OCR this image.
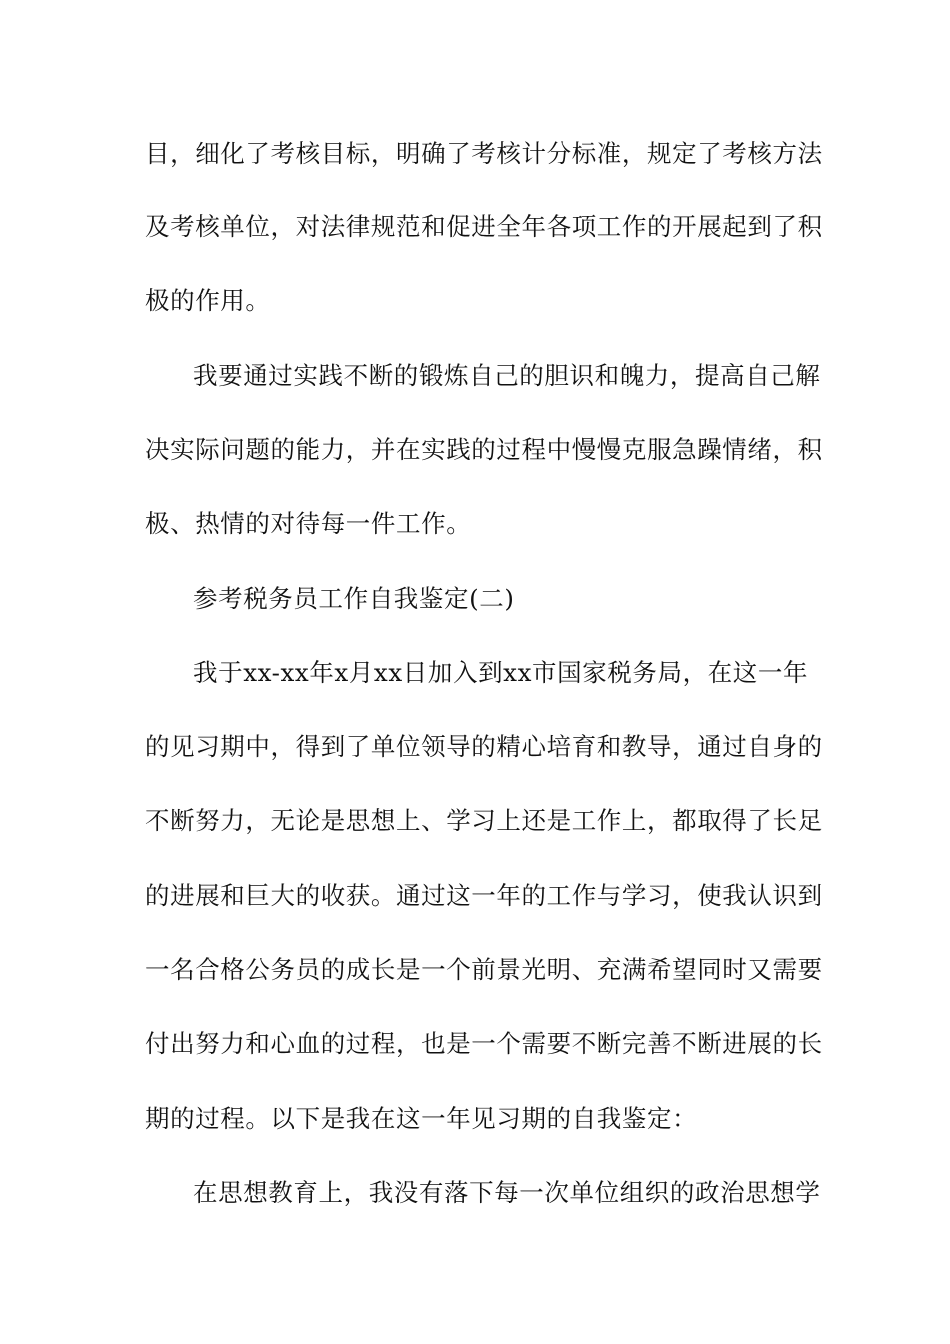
目，细化了考核目标，明确了考核计分标准，规定了考核方法
及考核单位，对法律规范和促进全年各项工作的开展起到了积
极的作用。
我要通过实践不断的锻炼自己的胆识和魄力，提高自己解
决实际问题的能力，并在实践的过程中慢慢克服急躁情绪，积
极、热情的对待每一件工作。
参考税务员工作自我鉴定(二)
我于xx-xx年x月xx日加入到xx市国家税务局，在这一年
的见习期中，得到了单位领导的精心培育和教导，通过自身的
不断努力，无论是思想上、学习上还是工作上，都取得了长足
的进展和巨大的收获。通过这一年的工作与学习，使我认识到
一名合格公务员的成长是一个前景光明、充满希望同时又需要
付出努力和心血的过程，也是一个需要不断完善不断进展的长
期的过程。以下是我在这一年见习期的自我鉴定：
在思想教育上，我没有落下每一次单位组织的政治思想学
